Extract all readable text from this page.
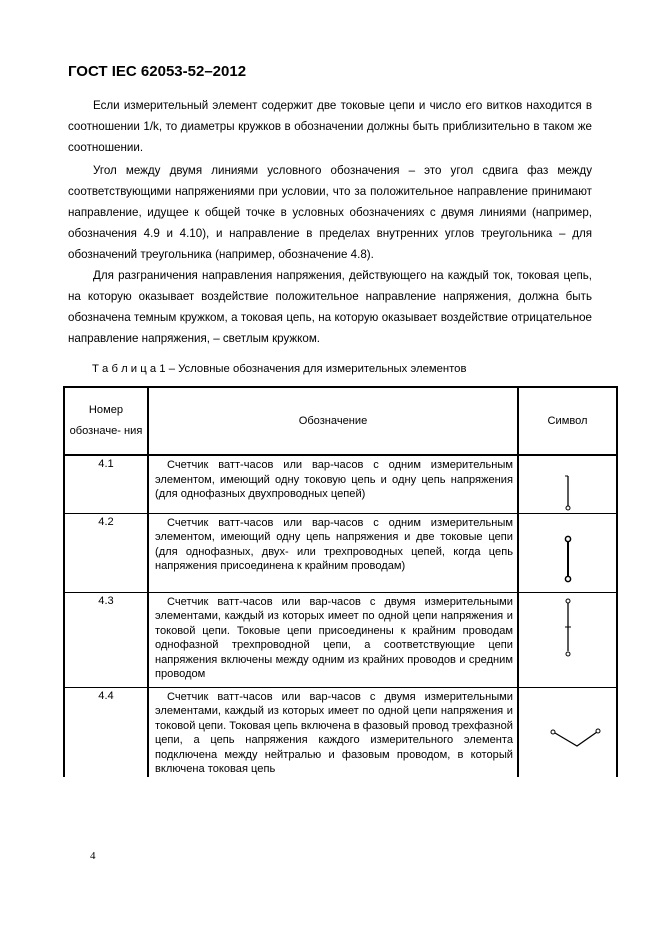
ГОСТ IEC 62053-52–2012
Если измерительный элемент содержит две токовые цепи и число его витков находится в соотношении 1/k, то диаметры кружков в обозначении должны быть приблизительно в таком же соотношении.
Угол между двумя линиями условного обозначения – это угол сдвига фаз между соответствующими напряжениями при условии, что за положительное направление принимают направление, идущее к общей точке в условных обозначениях с двумя линиями (например, обозначения 4.9 и 4.10), и направление в пределах внутренних углов треугольника – для обозначений треугольника (например, обозначение 4.8).
Для разграничения направления напряжения, действующего на каждый ток, токовая цепь, на которую оказывает воздействие положительное направление напряжения, должна быть обозначена темным кружком, а токовая цепь, на которую оказывает воздействие отрицательное направление напряжения, – светлым кружком.
Т а б л и ц а 1 – Условные обозначения для измерительных элементов
Номер обозначе- ния	Обозначение	Символ
4.1	Счетчик ватт-часов или вар-часов с одним измерительным элементом, имеющий одну токовую цепь и одну цепь напряжения (для однофазных двухпроводных цепей)	

4.2	Счетчик ватт-часов или вар-часов с одним измерительным элементом, имеющий одну цепь напряжения и две токовые цепи (для однофазных, двух- или трехпроводных цепей, когда цепь напряжения присоединена к крайним проводам)	

4.3	Счетчик ватт-часов или вар-часов с двумя измерительными элементами, каждый из которых имеет по одной цепи напряжения и токовой цепи. Токовые цепи присоединены к крайним проводам однофазной трехпроводной цепи, а соответствующие цепи напряжения включены между одним из крайних проводов и средним проводом	

4.4	Счетчик ватт-часов или вар-часов с двумя измерительными элементами, каждый из которых имеет по одной цепи напряжения и токовой цепи. Токовая цепь включена в фазовый провод трехфазной цепи, а цепь напряжения каждого измерительного элемента подключена между нейтралью и фазовым проводом, в который включена токовая цепь	
4
